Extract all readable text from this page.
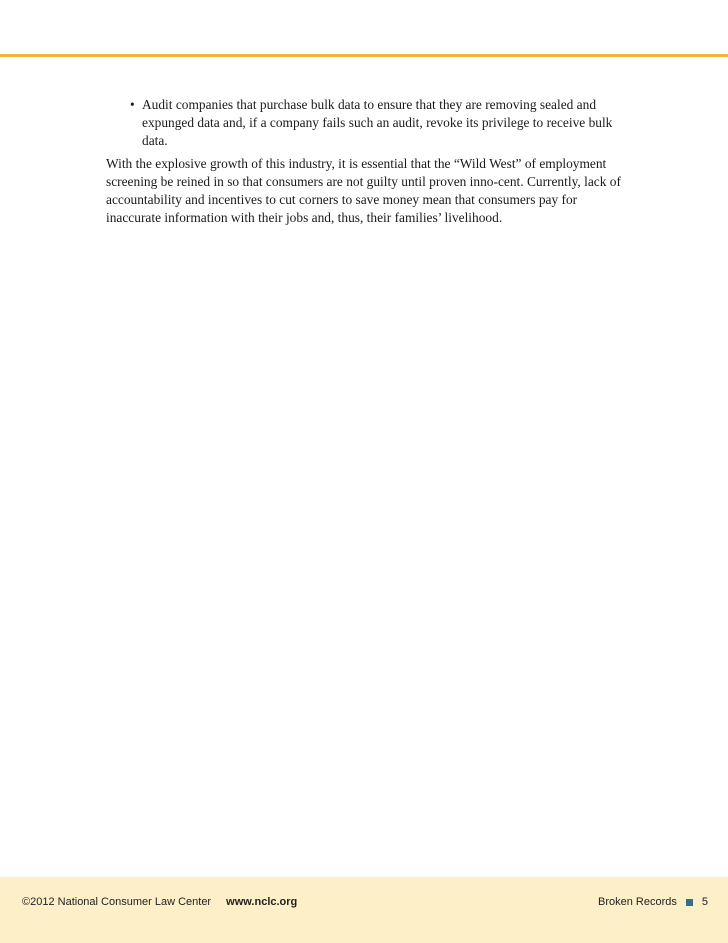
• Audit companies that purchase bulk data to ensure that they are removing sealed and expunged data and, if a company fails such an audit, revoke its privilege to receive bulk data.

With the explosive growth of this industry, it is essential that the “Wild West” of employment screening be reined in so that consumers are not guilty until proven inno-cent. Currently, lack of accountability and incentives to cut corners to save money mean that consumers pay for inaccurate information with their jobs and, thus, their families’ livelihood.

©2012 National Consumer Law Center www.nclc.org	Broken Records 5
